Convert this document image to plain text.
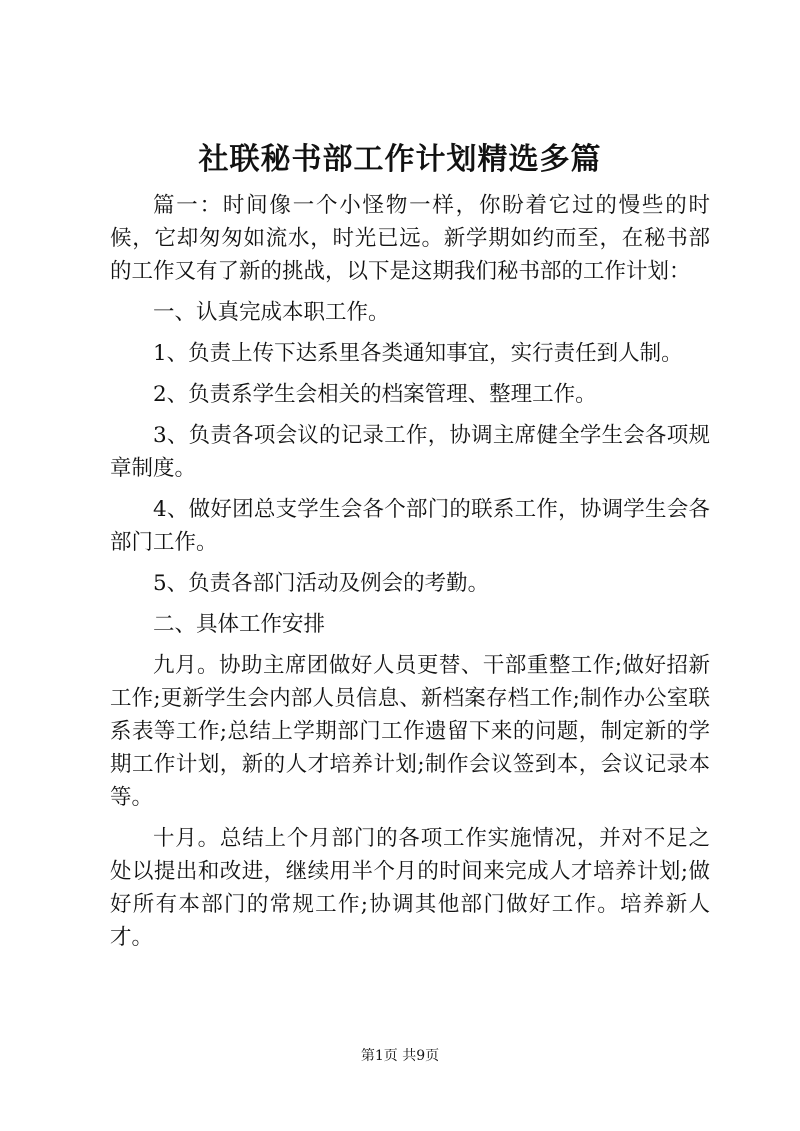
社联秘书部工作计划精选多篇

篇一：时间像一个小怪物一样，你盼着它过的慢些的时候，它却匆匆如流水，时光已远。新学期如约而至，在秘书部的工作又有了新的挑战，以下是这期我们秘书部的工作计划：

一、认真完成本职工作。

1、负责上传下达系里各类通知事宜，实行责任到人制。

2、负责系学生会相关的档案管理、整理工作。

3、负责各项会议的记录工作，协调主席健全学生会各项规章制度。

4、做好团总支学生会各个部门的联系工作，协调学生会各部门工作。

5、负责各部门活动及例会的考勤。

二、具体工作安排

九月。协助主席团做好人员更替、干部重整工作;做好招新工作;更新学生会内部人员信息、新档案存档工作;制作办公室联系表等工作;总结上学期部门工作遗留下来的问题，制定新的学期工作计划，新的人才培养计划;制作会议签到本，会议记录本等。

十月。总结上个月部门的各项工作实施情况，并对不足之处以提出和改进，继续用半个月的时间来完成人才培养计划;做好所有本部门的常规工作;协调其他部门做好工作。培养新人才。

第1页 共9页
